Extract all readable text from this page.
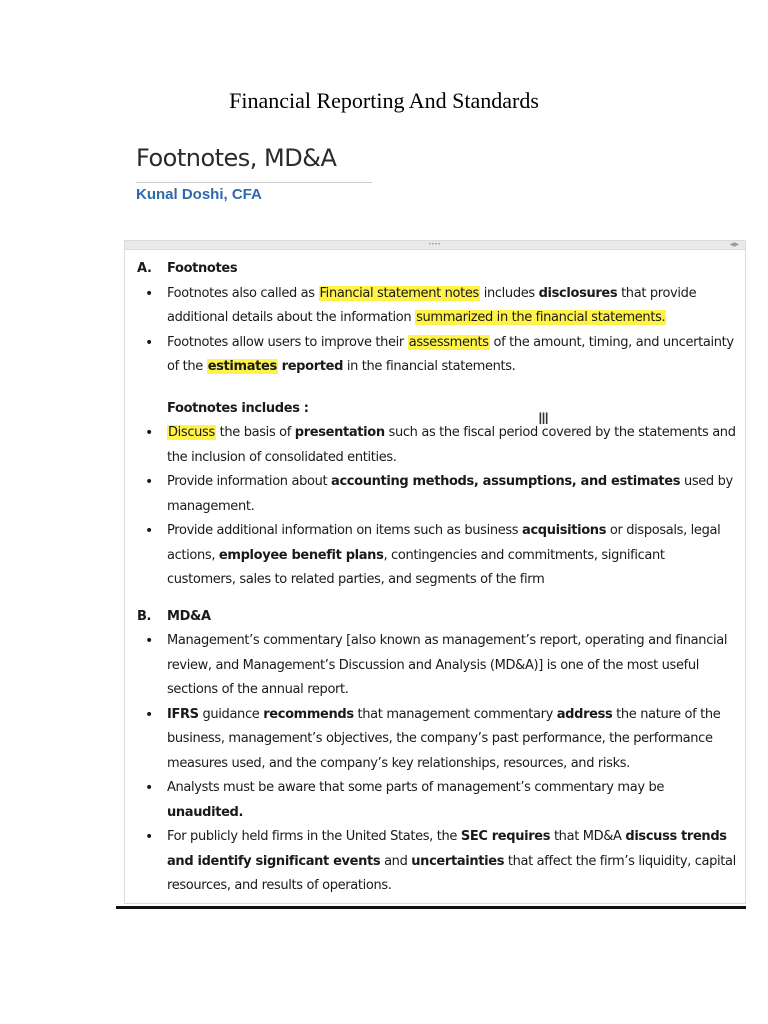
Financial Reporting And Standards
Footnotes, MD&A
Kunal Doshi, CFA
••••	◀▶
A. Footnotes
• Footnotes also called as Financial statement notes includes disclosures that provide additional details about the information summarized in the financial statements.
• Footnotes allow users to improve their assessments of the amount, timing, and uncertainty of the estimates reported in the financial statements.
Footnotes includes :
• Discuss the basis of presentation such as the fiscal period covered by the statements and the inclusion of consolidated entities.
• Provide information about accounting methods, assumptions, and estimates used by management.
• Provide additional information on items such as business acquisitions or disposals, legal actions, employee benefit plans, contingencies and commitments, significant customers, sales to related parties, and segments of the firm
B. MD&A
• Management’s commentary [also known as management’s report, operating and financial review, and Management’s Discussion and Analysis (MD&A)] is one of the most useful sections of the annual report.
• IFRS guidance recommends that management commentary address the nature of the business, management’s objectives, the company’s past performance, the performance measures used, and the company’s key relationships, resources, and risks.
• Analysts must be aware that some parts of management’s commentary may be unaudited.
• For publicly held firms in the United States, the SEC requires that MD&A discuss trends and identify significant events and uncertainties that affect the firm’s liquidity, capital resources, and results of operations.
Ⅲ
